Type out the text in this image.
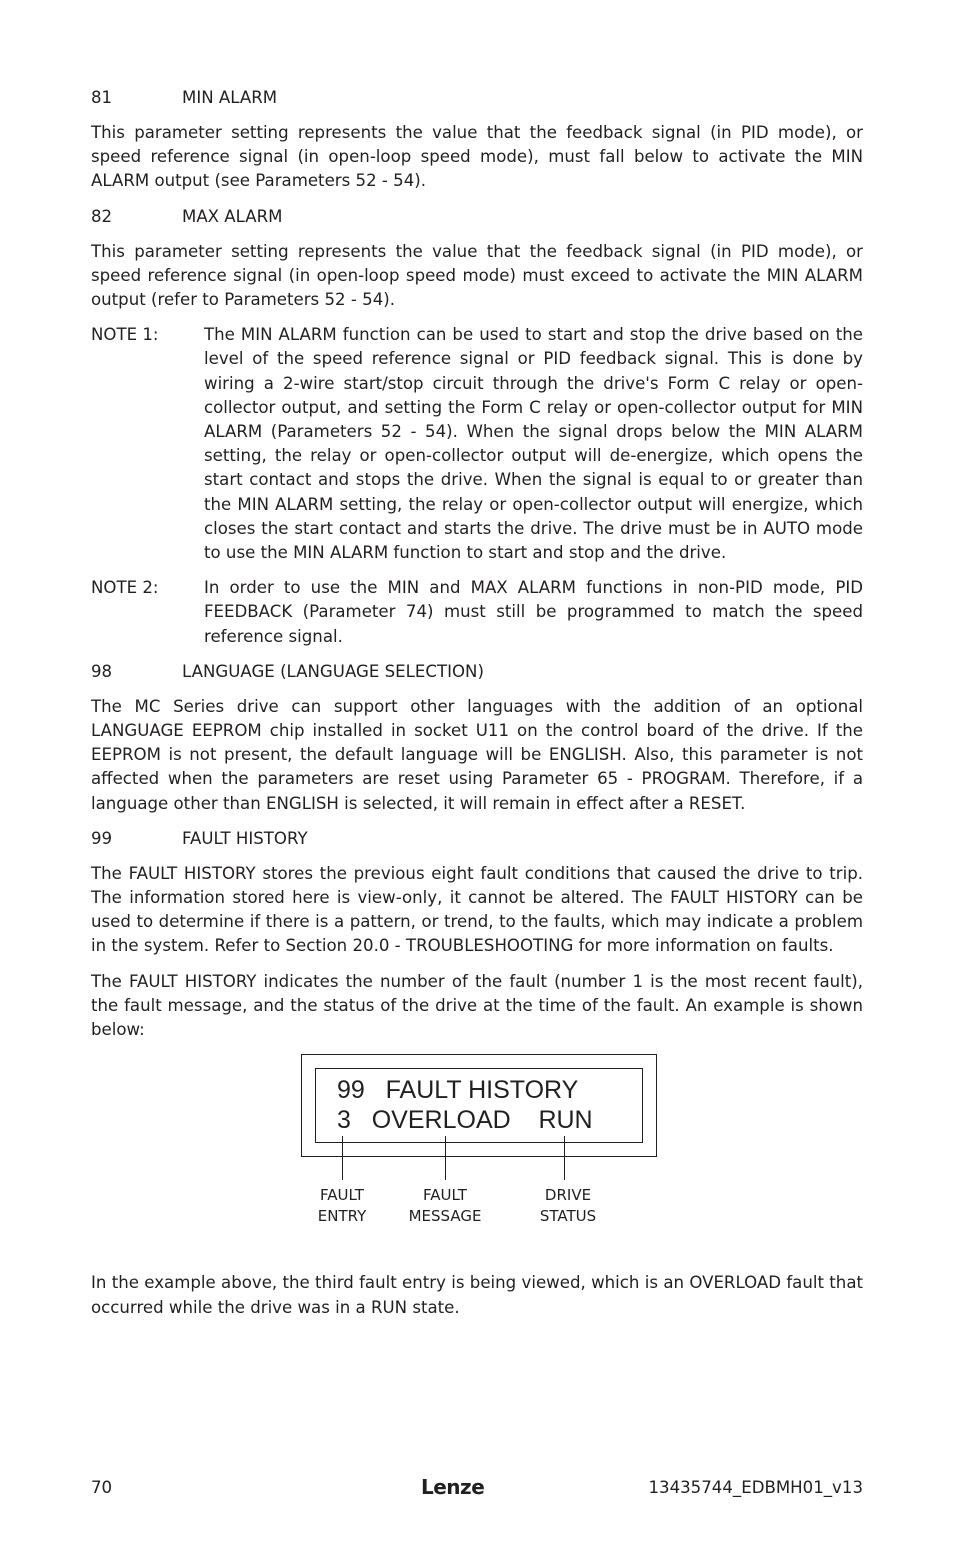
81	MIN ALARM

This parameter setting represents the value that the feedback signal (in PID mode), or speed reference signal (in open-loop speed mode), must fall below to activate the MIN ALARM output (see Parameters 52 - 54).

82	MAX ALARM

This parameter setting represents the value that the feedback signal (in PID mode), or speed reference signal (in open-loop speed mode) must exceed to activate the MIN ALARM output (refer to Parameters 52 - 54).

NOTE 1:	The MIN ALARM function can be used to start and stop the drive based on the level of the speed reference signal or PID feedback signal. This is done by wiring a 2-wire start/stop circuit through the drive's Form C relay or open-collector output, and setting the Form C relay or open-collector output for MIN ALARM (Parameters 52 - 54). When the signal drops below the MIN ALARM setting, the relay or open-collector output will de-energize, which opens the start contact and stops the drive. When the signal is equal to or greater than the MIN ALARM setting, the relay or open-collector output will energize, which closes the start contact and starts the drive. The drive must be in AUTO mode to use the MIN ALARM function to start and stop and the drive.
NOTE 2:	In order to use the MIN and MAX ALARM functions in non-PID mode, PID FEEDBACK (Parameter 74) must still be programmed to match the speed reference signal.
98	LANGUAGE (LANGUAGE SELECTION)

The MC Series drive can support other languages with the addition of an optional LANGUAGE EEPROM chip installed in socket U11 on the control board of the drive. If the EEPROM is not present, the default language will be ENGLISH. Also, this parameter is not affected when the parameters are reset using Parameter 65 - PROGRAM. Therefore, if a language other than ENGLISH is selected, it will remain in effect after a RESET.

99	FAULT HISTORY

The FAULT HISTORY stores the previous eight fault conditions that caused the drive to trip. The information stored here is view-only, it cannot be altered. The FAULT HISTORY can be used to determine if there is a pattern, or trend, to the faults, which may indicate a problem in the system. Refer to Section 20.0 - TROUBLESHOOTING for more information on faults.

The FAULT HISTORY indicates the number of the fault (number 1 is the most recent fault), the fault message, and the status of the drive at the time of the fault. An example is shown below:

99   FAULT HISTORY
3   OVERLOAD    RUN
FAULT
ENTRY
FAULT
MESSAGE
DRIVE
STATUS

In the example above, the third fault entry is being viewed, which is an OVERLOAD fault that occurred while the drive was in a RUN state.

70	Lenze	13435744_EDBMH01_v13
